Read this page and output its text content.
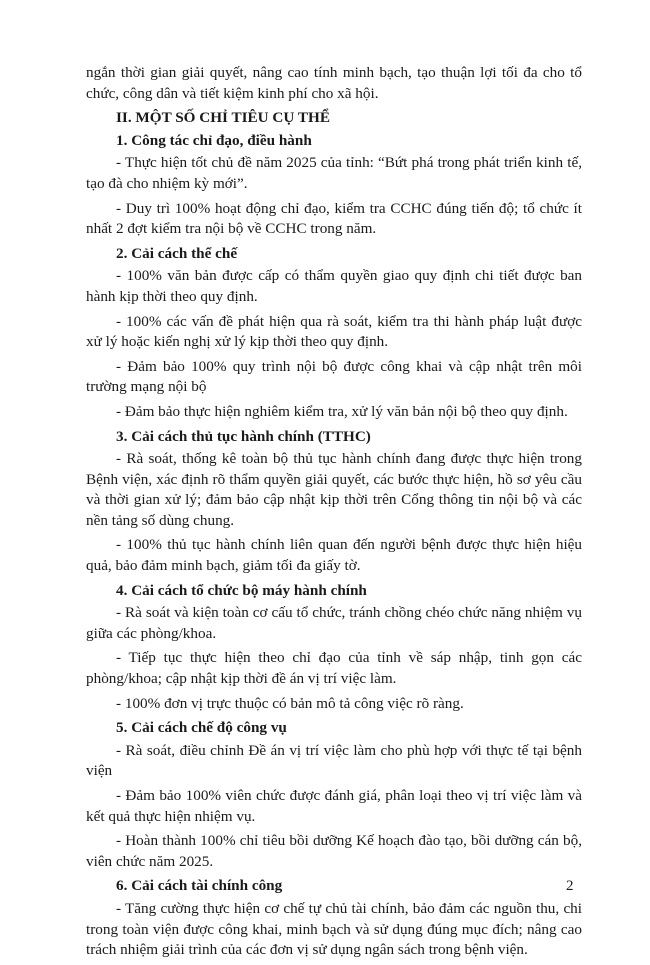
ngắn thời gian giải quyết, nâng cao tính minh bạch, tạo thuận lợi tối đa cho tổ chức, công dân và tiết kiệm kinh phí cho xã hội.

II. MỘT SỐ CHỈ TIÊU CỤ THỂ

1. Công tác chỉ đạo, điều hành

- Thực hiện tốt chủ đề năm 2025 của tỉnh: “Bứt phá trong phát triển kinh tế, tạo đà cho nhiệm kỳ mới”.

- Duy trì 100% hoạt động chỉ đạo, kiểm tra CCHC đúng tiến độ; tổ chức ít nhất 2 đợt kiểm tra nội bộ về CCHC trong năm.

2. Cải cách thể chế

- 100% văn bản được cấp có thẩm quyền giao quy định chi tiết được ban hành kịp thời theo quy định.

- 100% các vấn đề phát hiện qua rà soát, kiểm tra thi hành pháp luật được xử lý hoặc kiến nghị xử lý kịp thời theo quy định.

- Đảm bảo 100% quy trình nội bộ được công khai và cập nhật trên môi trường mạng nội bộ

- Đảm bảo thực hiện nghiêm kiểm tra, xử lý văn bản nội bộ theo quy định.

3. Cải cách thủ tục hành chính (TTHC)

- Rà soát, thống kê toàn bộ thủ tục hành chính đang được thực hiện trong Bệnh viện, xác định rõ thẩm quyền giải quyết, các bước thực hiện, hồ sơ yêu cầu và thời gian xử lý; đảm bảo cập nhật kịp thời trên Cổng thông tin nội bộ và các nền tảng số dùng chung.

- 100% thủ tục hành chính liên quan đến người bệnh được thực hiện hiệu quả, bảo đảm minh bạch, giảm tối đa giấy tờ.

4. Cải cách tổ chức bộ máy hành chính

- Rà soát và kiện toàn cơ cấu tổ chức, tránh chồng chéo chức năng nhiệm vụ giữa các phòng/khoa.

- Tiếp tục thực hiện theo chỉ đạo của tỉnh về sáp nhập, tinh gọn các phòng/khoa; cập nhật kịp thời đề án vị trí việc làm.

- 100% đơn vị trực thuộc có bản mô tả công việc rõ ràng.

5. Cải cách chế độ công vụ

- Rà soát, điều chỉnh Đề án vị trí việc làm cho phù hợp với thực tế tại bệnh viện

- Đảm bảo 100% viên chức được đánh giá, phân loại theo vị trí việc làm và kết quả thực hiện nhiệm vụ.

- Hoàn thành 100% chỉ tiêu bồi dưỡng Kế hoạch đào tạo, bồi dưỡng cán bộ, viên chức năm 2025.

6. Cải cách tài chính công

- Tăng cường thực hiện cơ chế tự chủ tài chính, bảo đảm các nguồn thu, chi trong toàn viện được công khai, minh bạch và sử dụng đúng mục đích; nâng cao trách nhiệm giải trình của các đơn vị sử dụng ngân sách trong bệnh viện.

2
